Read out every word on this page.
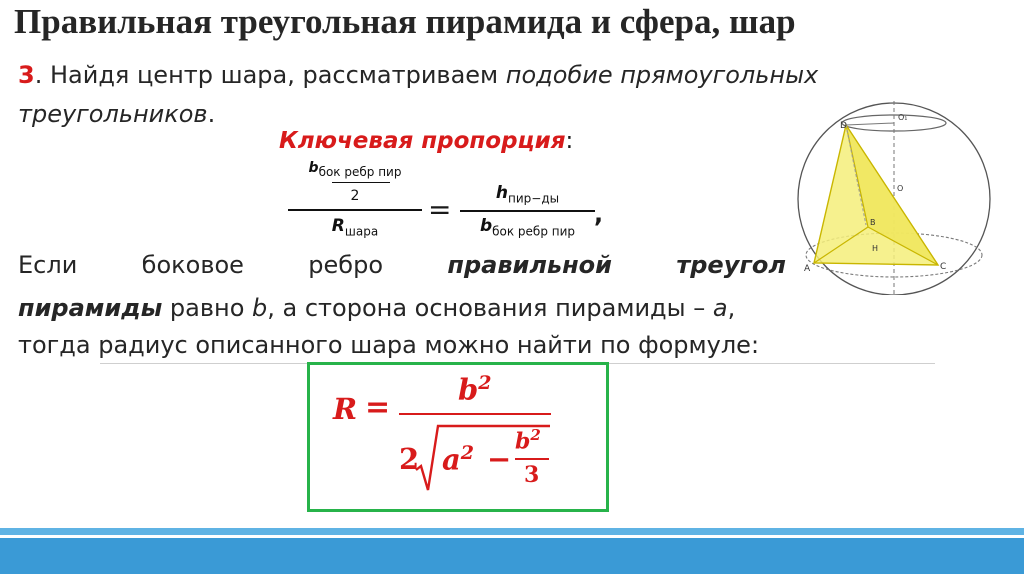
Правильная треугольная пирамида и сфера, шар
3. Найдя центр шара, рассматриваем подобие прямоугольных
треугольников.
Ключевая пропорция:
$b_{бок ребр пир}$
2
$R_{шара}$
=	$h_{пир-ды}$
$b_{бок ребр пир}$
,
Если	боковое	ребро	правильной	треугол
пирамиды равно b, а сторона основания пирамиды – a,
тогда радиус описанного шара можно найти по формуле:
R =
$b^2$
2 $a^2$ −
$b^2$
3
D
O₁
O
A
B
C
H
